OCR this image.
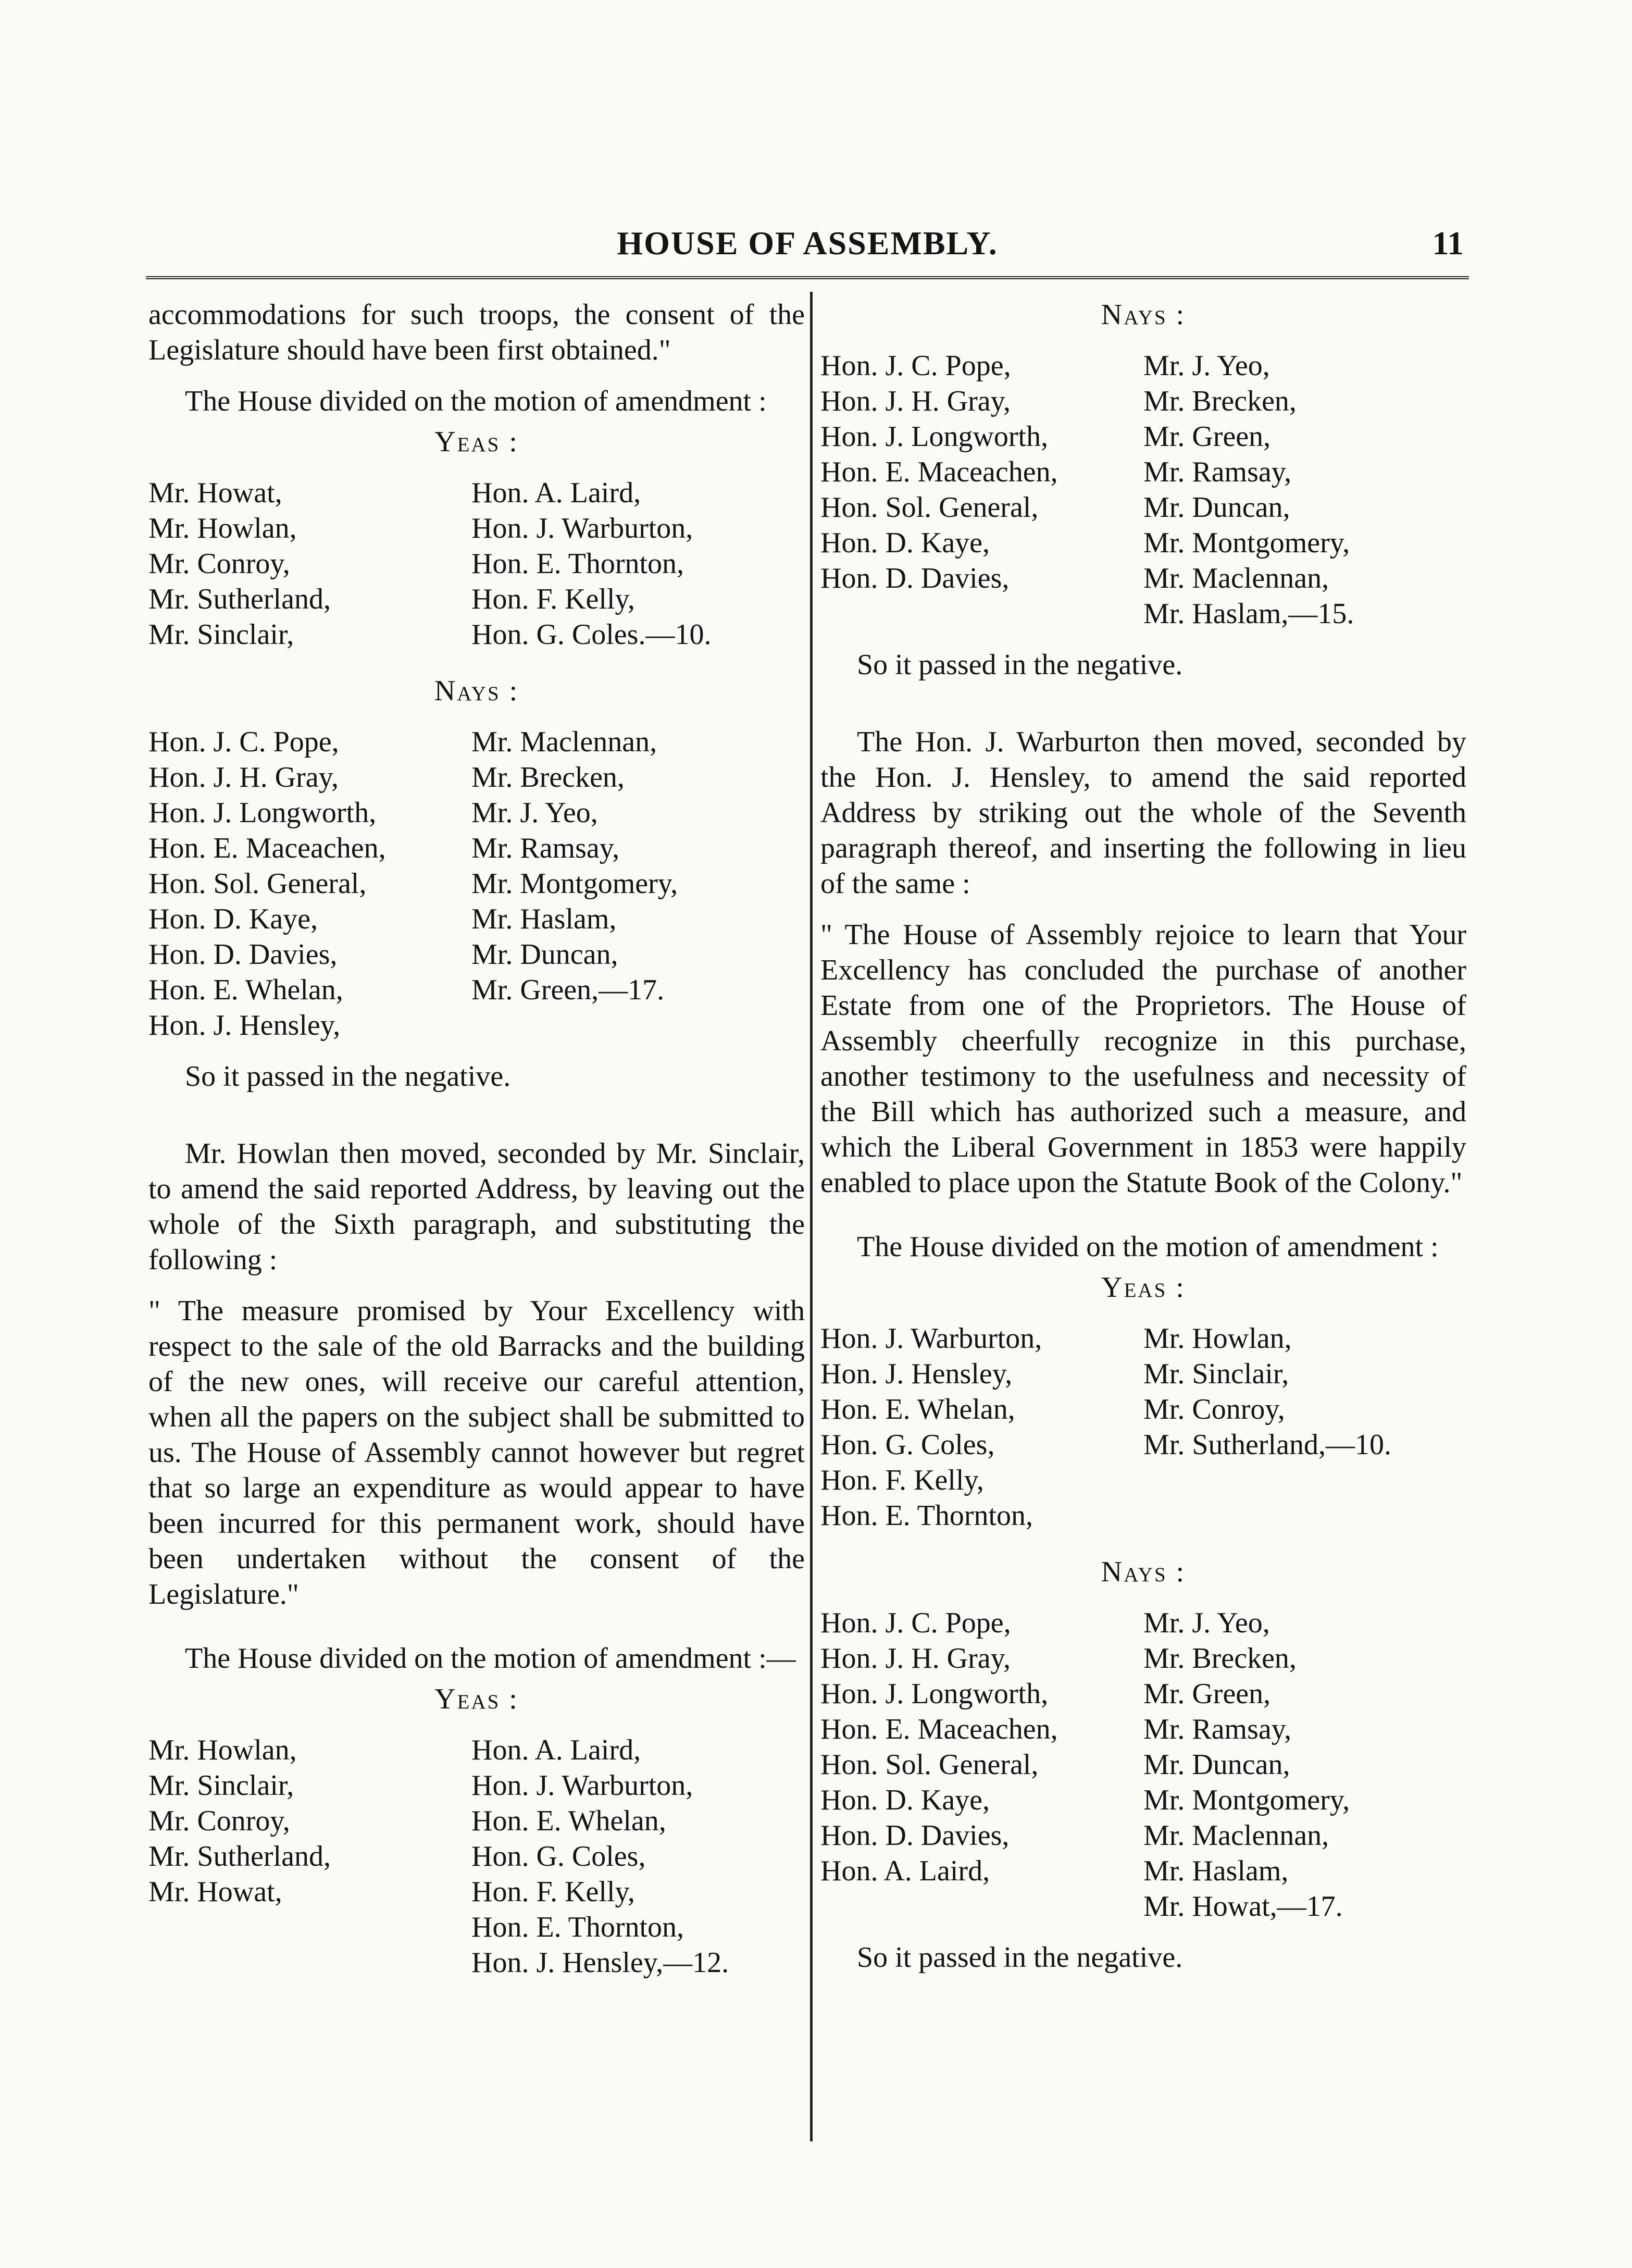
HOUSE OF ASSEMBLY.	11

accommodations for such troops, the consent of the Legislature should have been first obtained."

The House divided on the motion of amendment :

Yeas :
Mr. Howat,
Mr. Howlan,
Mr. Conroy,
Mr. Sutherland,
Mr. Sinclair,
Hon. A. Laird,
Hon. J. Warburton,
Hon. E. Thornton,
Hon. F. Kelly,
Hon. G. Coles.—10.
Nays :
Hon. J. C. Pope,
Hon. J. H. Gray,
Hon. J. Longworth,
Hon. E. Maceachen,
Hon. Sol. General,
Hon. D. Kaye,
Hon. D. Davies,
Hon. E. Whelan,
Hon. J. Hensley,
Mr. Maclennan,
Mr. Brecken,
Mr. J. Yeo,
Mr. Ramsay,
Mr. Montgomery,
Mr. Haslam,
Mr. Duncan,
Mr. Green,—17.

So it passed in the negative.

Mr. Howlan then moved, seconded by Mr. Sinclair, to amend the said reported Address, by leaving out the whole of the Sixth paragraph, and substituting the following :

" The measure promised by Your Excellency with respect to the sale of the old Barracks and the building of the new ones, will receive our careful attention, when all the papers on the subject shall be submitted to us. The House of Assembly cannot however but regret that so large an expenditure as would appear to have been incurred for this permanent work, should have been undertaken without the consent of the Legislature."

The House divided on the motion of amendment :—

Yeas :
Mr. Howlan,
Mr. Sinclair,
Mr. Conroy,
Mr. Sutherland,
Mr. Howat,
Hon. A. Laird,
Hon. J. Warburton,
Hon. E. Whelan,
Hon. G. Coles,
Hon. F. Kelly,
Hon. E. Thornton,
Hon. J. Hensley,—12.
Nays :
Hon. J. C. Pope,
Hon. J. H. Gray,
Hon. J. Longworth,
Hon. E. Maceachen,
Hon. Sol. General,
Hon. D. Kaye,
Hon. D. Davies,
Mr. J. Yeo,
Mr. Brecken,
Mr. Green,
Mr. Ramsay,
Mr. Duncan,
Mr. Montgomery,
Mr. Maclennan,
Mr. Haslam,—15.

So it passed in the negative.

The Hon. J. Warburton then moved, seconded by the Hon. J. Hensley, to amend the said reported Address by striking out the whole of the Seventh paragraph thereof, and inserting the following in lieu of the same :

" The House of Assembly rejoice to learn that Your Excellency has concluded the purchase of another Estate from one of the Proprietors. The House of Assembly cheerfully recognize in this purchase, another testimony to the usefulness and necessity of the Bill which has authorized such a measure, and which the Liberal Government in 1853 were happily enabled to place upon the Statute Book of the Colony."

The House divided on the motion of amendment :

Yeas :
Hon. J. Warburton,
Hon. J. Hensley,
Hon. E. Whelan,
Hon. G. Coles,
Hon. F. Kelly,
Hon. E. Thornton,
Mr. Howlan,
Mr. Sinclair,
Mr. Conroy,
Mr. Sutherland,—10.
Nays :
Hon. J. C. Pope,
Hon. J. H. Gray,
Hon. J. Longworth,
Hon. E. Maceachen,
Hon. Sol. General,
Hon. D. Kaye,
Hon. D. Davies,
Hon. A. Laird,
Mr. J. Yeo,
Mr. Brecken,
Mr. Green,
Mr. Ramsay,
Mr. Duncan,
Mr. Montgomery,
Mr. Maclennan,
Mr. Haslam,
Mr. Howat,—17.

So it passed in the negative.
